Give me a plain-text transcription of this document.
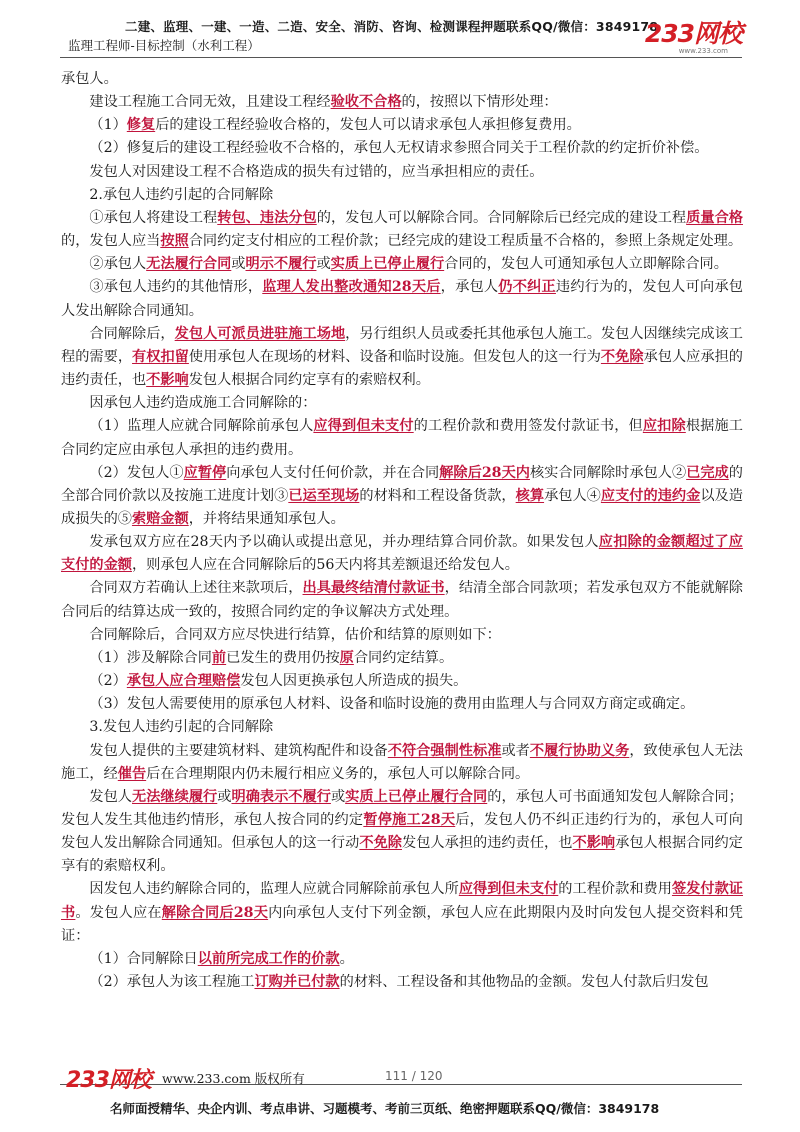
二建、监理、一建、一造、二造、安全、消防、咨询、检测课程押题联系QQ/微信：3849178
监理工程师-目标控制（水利工程）	233网校
www.233.com

承包人。

建设工程施工合同无效，且建设工程经验收不合格的，按照以下情形处理：

（1）修复后的建设工程经验收合格的，发包人可以请求承包人承担修复费用。

（2）修复后的建设工程经验收不合格的，承包人无权请求参照合同关于工程价款的约定折价补偿。

发包人对因建设工程不合格造成的损失有过错的，应当承担相应的责任。

2.承包人违约引起的合同解除

①承包人将建设工程转包、违法分包的，发包人可以解除合同。合同解除后已经完成的建设工程质量合格的，发包人应当按照合同约定支付相应的工程价款；已经完成的建设工程质量不合格的，参照上条规定处理。

②承包人无法履行合同或明示不履行或实质上已停止履行合同的，发包人可通知承包人立即解除合同。

③承包人违约的其他情形，监理人发出整改通知28天后，承包人仍不纠正违约行为的，发包人可向承包人发出解除合同通知。

合同解除后，发包人可派员进驻施工场地，另行组织人员或委托其他承包人施工。发包人因继续完成该工程的需要，有权扣留使用承包人在现场的材料、设备和临时设施。但发包人的这一行为不免除承包人应承担的违约责任，也不影响发包人根据合同约定享有的索赔权利。

因承包人违约造成施工合同解除的：

（1）监理人应就合同解除前承包人应得到但未支付的工程价款和费用签发付款证书，但应扣除根据施工合同约定应由承包人承担的违约费用。

（2）发包人①应暂停向承包人支付任何价款，并在合同解除后28天内核实合同解除时承包人②已完成的全部合同价款以及按施工进度计划③已运至现场的材料和工程设备货款，核算承包人④应支付的违约金以及造成损失的⑤索赔金额，并将结果通知承包人。

发承包双方应在28天内予以确认或提出意见，并办理结算合同价款。如果发包人应扣除的金额超过了应支付的金额，则承包人应在合同解除后的56天内将其差额退还给发包人。

合同双方若确认上述往来款项后，出具最终结清付款证书，结清全部合同款项；若发承包双方不能就解除合同后的结算达成一致的，按照合同约定的争议解决方式处理。

合同解除后，合同双方应尽快进行结算，估价和结算的原则如下：

（1）涉及解除合同前已发生的费用仍按原合同约定结算。

（2）承包人应合理赔偿发包人因更换承包人所造成的损失。

（3）发包人需要使用的原承包人材料、设备和临时设施的费用由监理人与合同双方商定或确定。

3.发包人违约引起的合同解除

发包人提供的主要建筑材料、建筑构配件和设备不符合强制性标准或者不履行协助义务，致使承包人无法施工，经催告后在合理期限内仍未履行相应义务的，承包人可以解除合同。

发包人无法继续履行或明确表示不履行或实质上已停止履行合同的，承包人可书面通知发包人解除合同；发包人发生其他违约情形，承包人按合同的约定暂停施工28天后，发包人仍不纠正违约行为的，承包人可向发包人发出解除合同通知。但承包人的这一行动不免除发包人承担的违约责任，也不影响承包人根据合同约定享有的索赔权利。

因发包人违约解除合同的，监理人应就合同解除前承包人所应得到但未支付的工程价款和费用签发付款证书。发包人应在解除合同后28天内向承包人支付下列金额，承包人应在此期限内及时向发包人提交资料和凭证：

（1）合同解除日以前所完成工作的价款。

（2）承包人为该工程施工订购并已付款的材料、工程设备和其他物品的金额。发包人付款后归发包

233网校 www.233.com 版权所有	111 / 120
名师面授精华、央企内训、考点串讲、习题模考、考前三页纸、绝密押题联系QQ/微信：3849178
